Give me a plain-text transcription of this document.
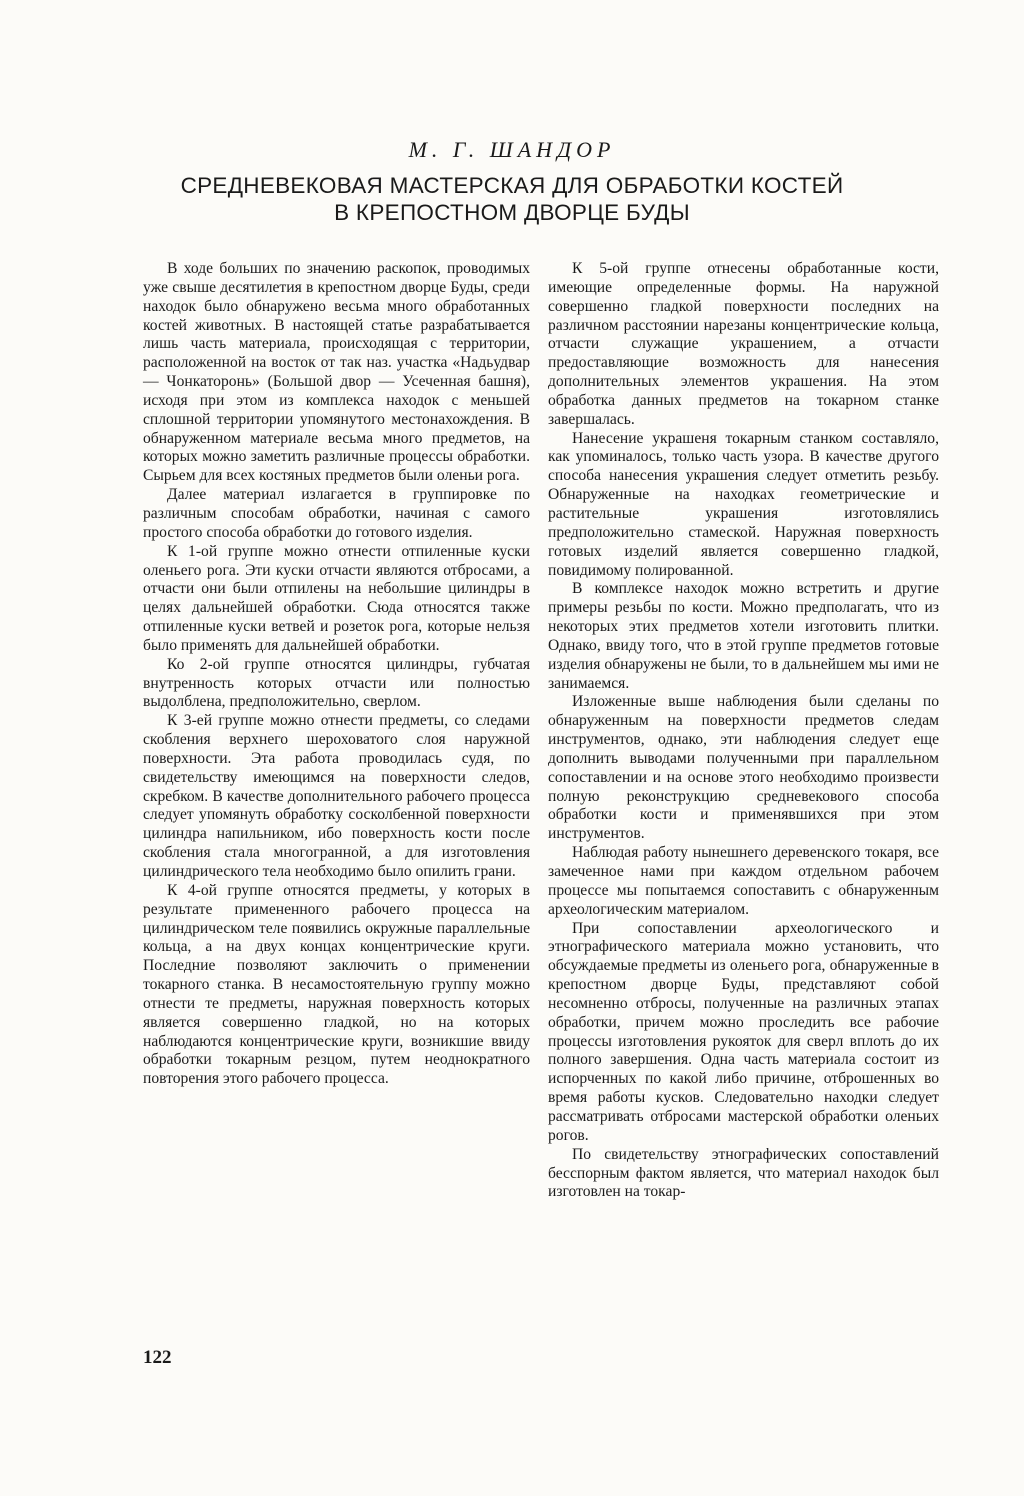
М. Г. ШАНДОР
СРЕДНЕВЕКОВАЯ МАСТЕРСКАЯ ДЛЯ ОБРАБОТКИ КОСТЕЙ
В КРЕПОСТНОМ ДВОРЦЕ БУДЫ

В ходе больших по значению раскопок, проводимых уже свыше десятилетия в крепостном дворце Буды, среди находок было обнаружено весьма много обработанных костей животных. В настоящей статье разрабатывается лишь часть материала, происходящая с территории, расположенной на восток от так наз. участка «Надьудвар — Чонкаторонь» (Большой двор — Усеченная башня), исходя при этом из комплекса находок с меньшей сплошной территории упомянутого местонахождения. В обнаруженном материале весьма много предметов, на которых можно заметить различные процессы обработки. Сырьем для всех костяных предметов были оленьи рога.

Далее материал излагается в группировке по различным способам обработки, начиная с самого простого способа обработки до готового изделия.

К 1-ой группе можно отнести отпиленные куски оленьего рога. Эти куски отчасти являются отбросами, а отчасти они были отпилены на небольшие цилиндры в целях дальнейшей обработки. Сюда относятся также отпиленные куски ветвей и розеток рога, которые нельзя было применять для дальнейшей обработки.

Ко 2-ой группе относятся цилиндры, губчатая внутренность которых отчасти или полностью выдолблена, предположительно, сверлом.

К 3-ей группе можно отнести предметы, со следами скобления верхнего шероховатого слоя наружной поверхности. Эта работа проводилась судя, по свидетельству имеющимся на поверхности следов, скребком. В качестве дополнительного рабочего процесса следует упомянуть обработку сосколбенной поверхности цилиндра напильником, ибо поверхность кости после скобления стала многогранной, а для изготовления цилиндрического тела необходимо было опилить грани.

К 4-ой группе относятся предметы, у которых в результате примененного рабочего процесса на цилиндрическом теле появились окружные параллельные кольца, а на двух концах концентрические круги. Последние позволяют заключить о применении токарного станка. В несамостоятельную группу можно отнести те предметы, наружная поверхность которых является совершенно гладкой, но на которых наблюдаются концентрические круги, возникшие ввиду обработки токарным резцом, путем неоднократного повторения этого рабочего процесса.

К 5-ой группе отнесены обработанные кости, имеющие определенные формы. На наружной совершенно гладкой поверхности последних на различном расстоянии нарезаны концентрические кольца, отчасти служащие украшением, а отчасти предоставляющие возможность для нанесения дополнительных элементов украшения. На этом обработка данных предметов на токарном станке завершалась.

Нанесение украшеня токарным станком составляло, как упоминалось, только часть узора. В качестве другого способа нанесения украшения следует отметить резьбу. Обнаруженные на находках геометрические и растительные украшения изготовлялись предположительно стамеской. Наружная поверхность готовых изделий является совершенно гладкой, повидимому полированной.

В комплексе находок можно встретить и другие примеры резьбы по кости. Можно предполагать, что из некоторых этих предметов хотели изготовить плитки. Однако, ввиду того, что в этой группе предметов готовые изделия обнаружены не были, то в дальнейшем мы ими не занимаемся.

Изложенные выше наблюдения были сделаны по обнаруженным на поверхности предметов следам инструментов, однако, эти наблюдения следует еще дополнить выводами полученными при параллельном сопоставлении и на основе этого необходимо произвести полную реконструкцию средневекового способа обработки кости и применявшихся при этом инструментов.

Наблюдая работу нынешнего деревенского токаря, все замеченное нами при каждом отдельном рабочем процессе мы попытаемся сопоставить с обнаруженным археологическим материалом.

При сопоставлении археологического и этнографического материала можно установить, что обсуждаемые предметы из оленьего рога, обнаруженные в крепостном дворце Буды, представляют собой несомненно отбросы, полученные на различных этапах обработки, причем можно проследить все рабочие процессы изготовления рукояток для сверл вплоть до их полного завершения. Одна часть материала состоит из испорченных по какой либо причине, отброшенных во время работы кусков. Следовательно находки следует рассматривать отбросами мастерской обработки оленьих рогов.

По свидетельству этнографических сопоставлений бесспорным фактом является, что материал находок был изготовлен на токар-

122
